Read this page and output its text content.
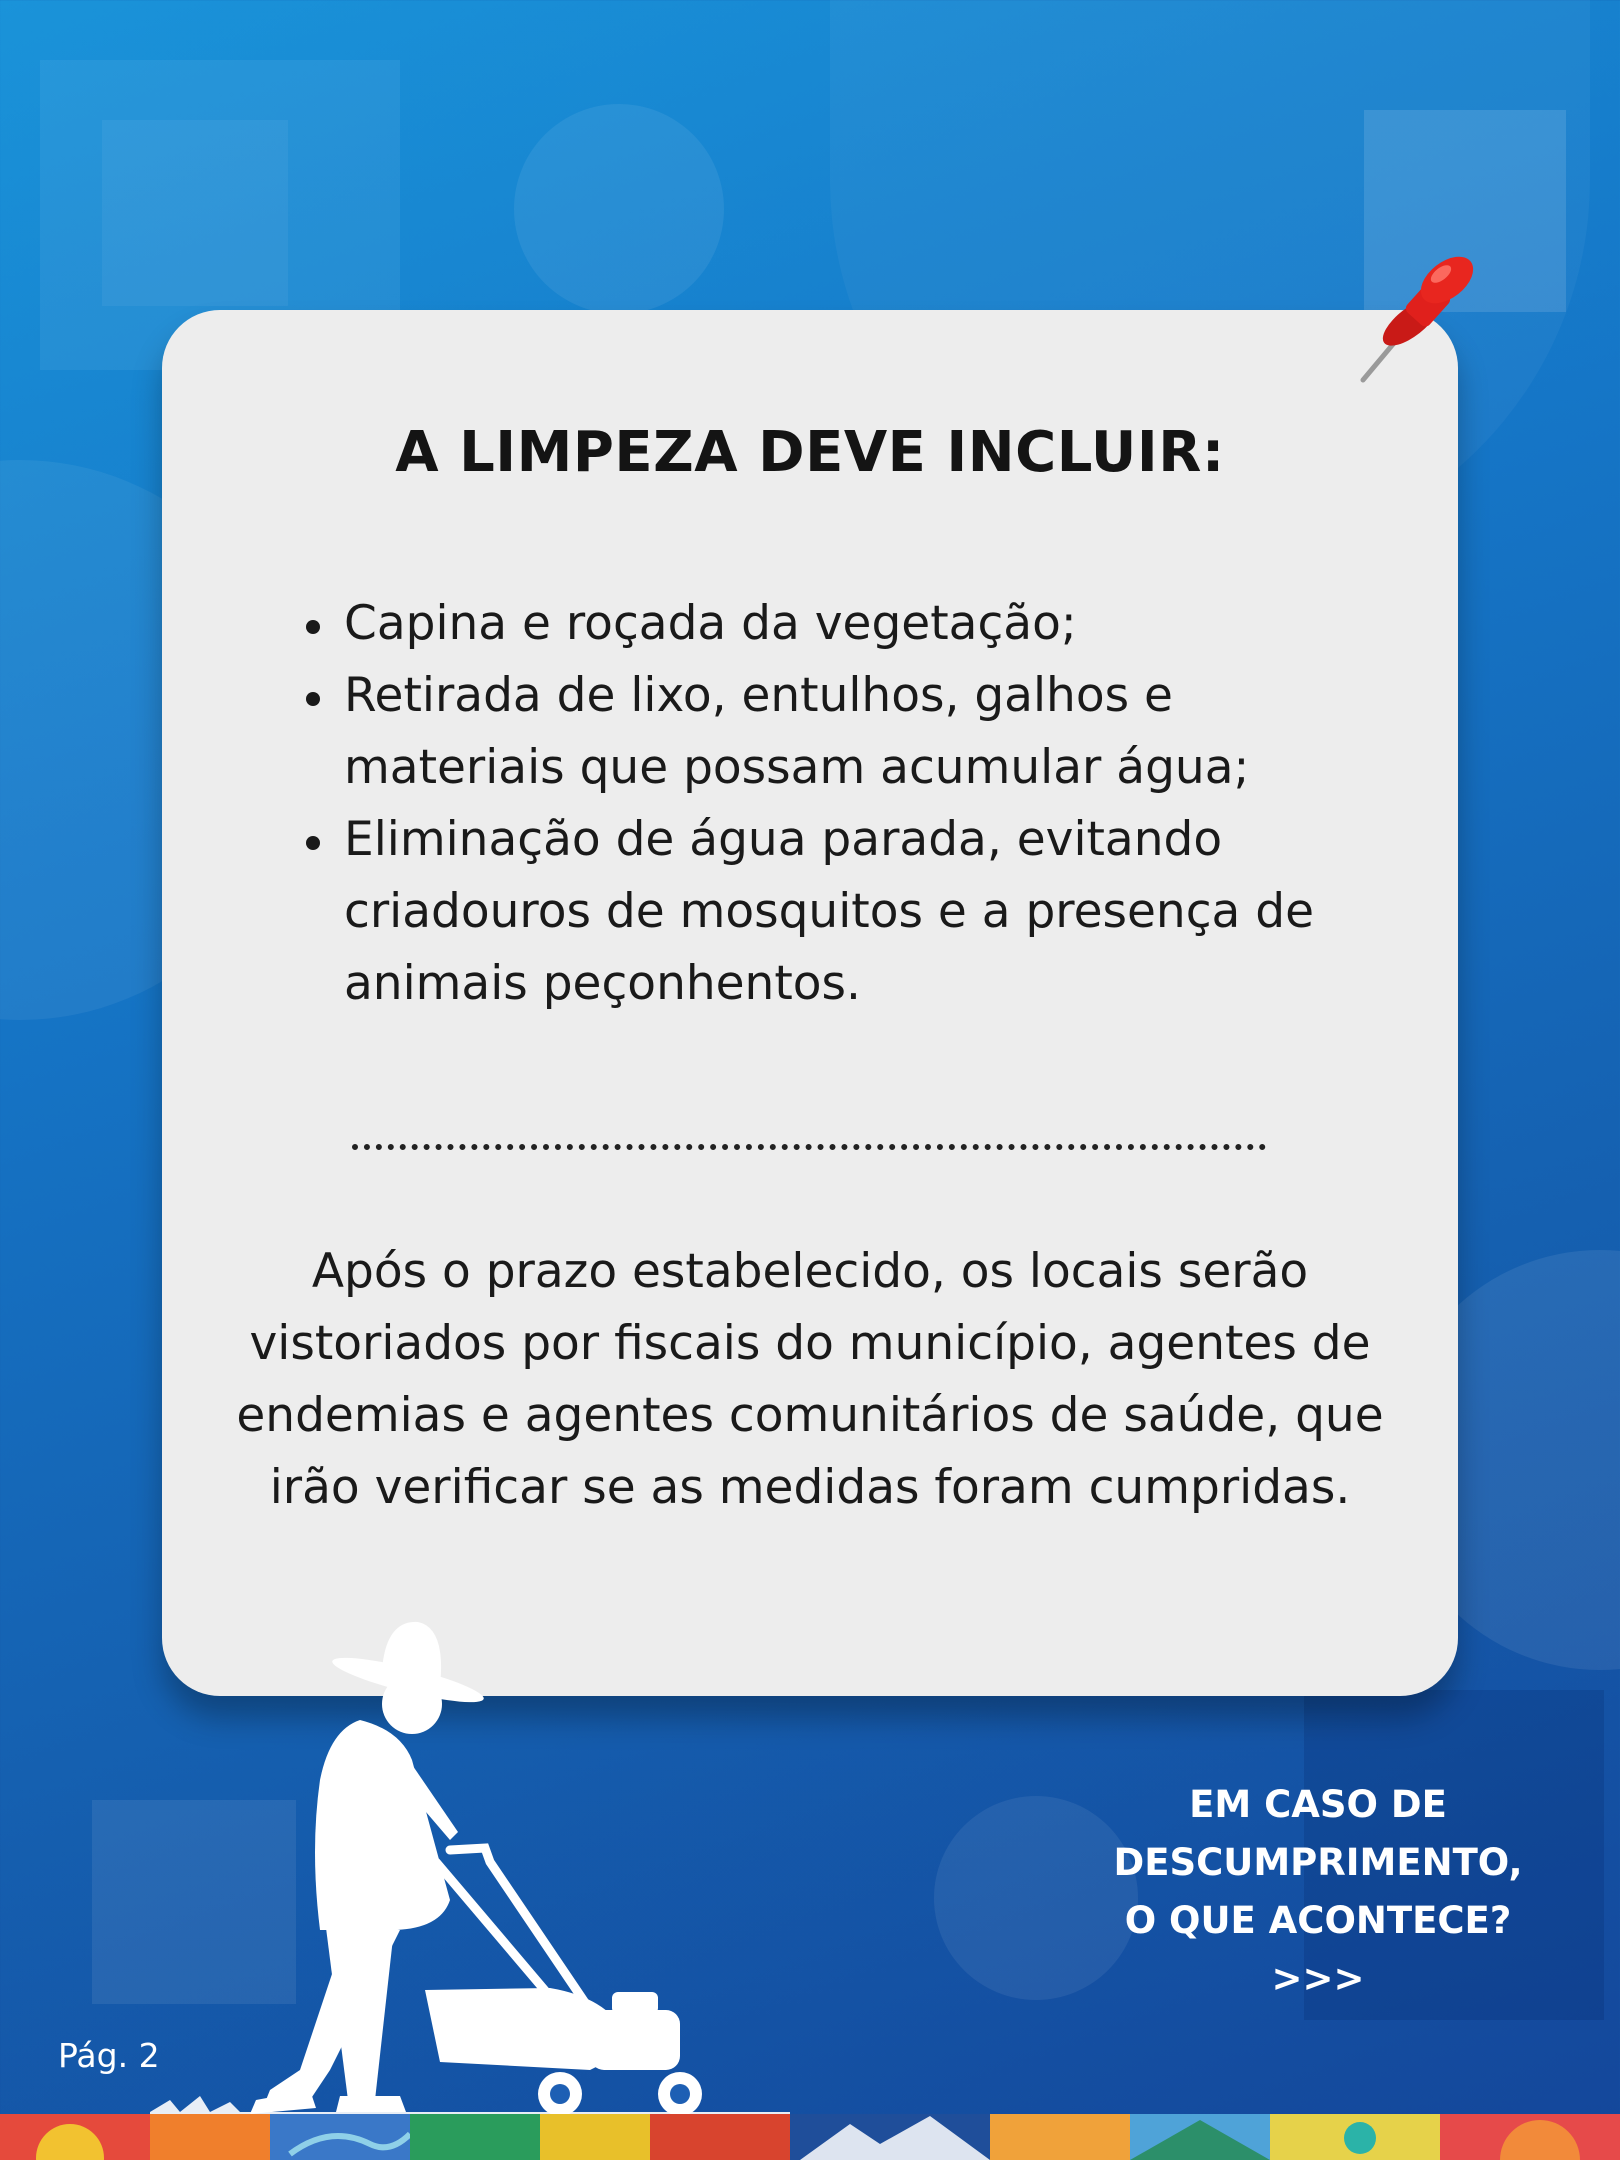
A LIMPEZA DEVE INCLUIR:
Capina e roçada da vegetação;
Retirada de lixo, entulhos, galhos e materiais que possam acumular água;
Eliminação de água parada, evitando criadouros de mosquitos e a presença de animais peçonhentos.

Após o prazo estabelecido, os locais serão vistoriados por fiscais do município, agentes de endemias e agentes comunitários de saúde, que irão verificar se as medidas foram cumpridas.

EM CASO DE
DESCUMPRIMENTO,
O QUE ACONTECE?
>>>
Pág. 2
